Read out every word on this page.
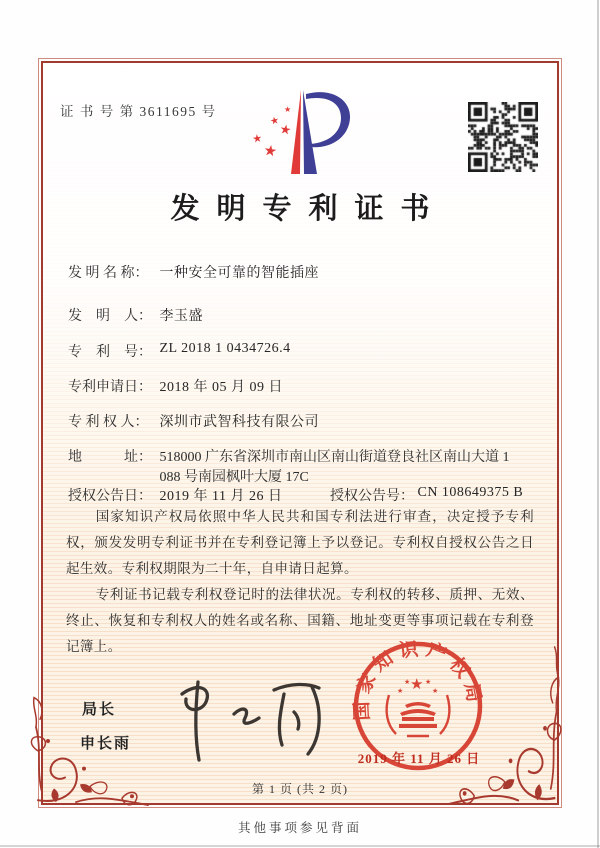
证 书 号 第 3611695 号	★
★
★
★
★
发明专利证书
发 明 名 称： 一种安全可靠的智能插座
发　明　人： 李玉盛
专　利　号： ZL 2018 1 0434726.4
专利申请日： 2018 年 05 月 09 日
专 利 权 人： 深圳市武智科技有限公司
地　　　址： 518000 广东省深圳市南山区南山街道登良社区南山大道 1
088 号南园枫叶大厦 17C
授权公告日： 2019 年 11 月 26 日	授权公告号： CN 108649375 B

国家知识产权局依照中华人民共和国专利法进行审查，决定授予专利权，颁发发明专利证书并在专利登记簿上予以登记。专利权自授权公告之日起生效。专利权期限为二十年，自申请日起算。

专利证书记载专利权登记时的法律状况。专利权的转移、质押、无效、终止、恢复和专利权人的姓名或名称、国籍、地址变更等事项记载在专利登记簿上。

局长
申长雨
国家知识产权局
★
★
★ ★
★
2019 年 11 月 26 日
第 1 页 (共 2 页)
其他事项参见背面
